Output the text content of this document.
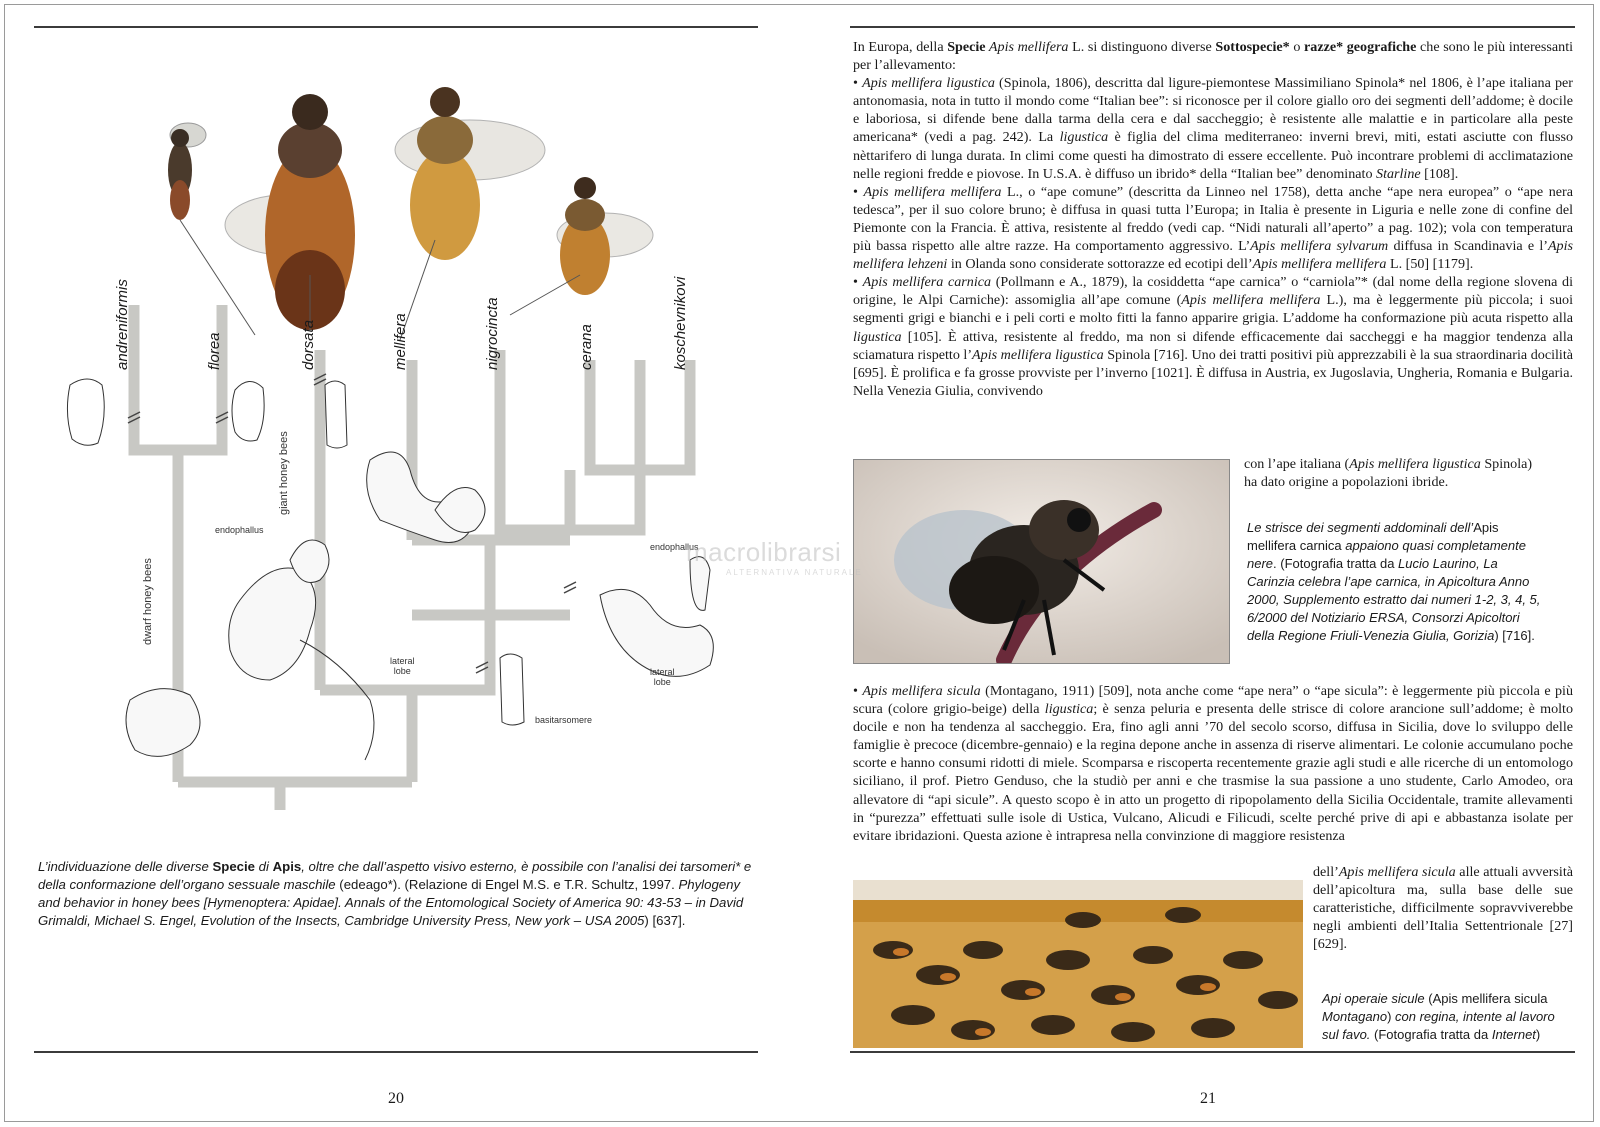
andreniformis	florea	dorsata	mellifera	nigrocincta	cerana	koschevnikovi
dwarf honey bees
giant honey bees
endophallus
endophallus
lateral
lobe	lateral
lobe
basitarsomere
L’individuazione delle diverse Specie di Apis, oltre che dall’aspetto visivo esterno, è possibile con l’analisi dei tarsomeri* e della conformazione dell’organo sessuale maschile (edeago*). (Relazione di Engel M.S. e T.R. Schultz, 1997. Phylogeny and behavior in honey bees [Hymenoptera: Apidae]. Annals of the Entomological Society of America 90: 43-53 – in David Grimaldi, Michael S. Engel, Evolution of the Insects, Cambridge University Press, New york – USA 2005) [637].
20
In Europa, della Specie Apis mellifera L. si distinguono diverse Sottospecie* o razze* geografiche che sono le più interessanti per l’allevamento:
• Apis mellifera ligustica (Spinola, 1806), descritta dal ligure-piemontese Massimiliano Spinola* nel 1806, è l’ape italiana per antonomasia, nota in tutto il mondo come “Italian bee”: si riconosce per il colore giallo oro dei segmenti dell’addome; è docile e laboriosa, si difende bene dalla tarma della cera e dal saccheggio; è resistente alle malattie e in particolare alla peste americana* (vedi a pag. 242). La ligustica è figlia del clima mediterraneo: inverni brevi, miti, estati asciutte con flusso nèttarifero di lunga durata. In climi come questi ha dimostrato di essere eccellente. Può incontrare problemi di acclimatazione nelle regioni fredde e piovose. In U.S.A. è diffuso un ibrido* della “Italian bee” denominato Starline [108].
• Apis mellifera mellifera L., o “ape comune” (descritta da Linneo nel 1758), detta anche “ape nera europea” o “ape nera tedesca”, per il suo colore bruno; è diffusa in quasi tutta l’Europa; in Italia è presente in Liguria e nelle zone di confine del Piemonte con la Francia. È attiva, resistente al freddo (vedi cap. “Nidi naturali all’aperto” a pag. 102); vola con temperatura più bassa rispetto alle altre razze. Ha comportamento aggressivo. L’Apis mellifera sylvarum diffusa in Scandinavia e l’Apis mellifera lehzeni in Olanda sono considerate sottorazze ed ecotipi dell’Apis mellifera mellifera L. [50] [1179].
• Apis mellifera carnica (Pollmann e A., 1879), la cosiddetta “ape carnica” o “carniola”* (dal nome della regione slovena di origine, le Alpi Carniche): assomiglia all’ape comune (Apis mellifera mellifera L.), ma è leggermente più piccola; i suoi segmenti grigi e bianchi e i peli corti e molto fitti la fanno apparire grigia. L’addome ha conformazione più acuta rispetto alla ligustica [105]. È attiva, resistente al freddo, ma non si difende efficacemente dai saccheggi e ha maggior tendenza alla sciamatura rispetto l’Apis mellifera ligustica Spinola [716]. Uno dei tratti positivi più apprezzabili è la sua straordinaria docilità [695]. È prolifica e fa grosse provviste per l’inverno [1021]. È diffusa in Austria, ex Jugoslavia, Ungheria, Romania e Bulgaria. Nella Venezia Giulia, convivendo
con l’ape italiana (Apis mellifera ligustica Spinola)
ha dato origine a popolazioni ibride.
Le strisce dei segmenti addominali dell’Apis mellifera carnica appaiono quasi completamente nere. (Fotografia tratta da Lucio Laurino, La Carinzia celebra l’ape carnica, in Apicoltura Anno 2000, Supplemento estratto dai numeri 1-2, 3, 4, 5, 6/2000 del Notiziario ERSA, Consorzi Apicoltori della Regione Friuli-Venezia Giulia, Gorizia) [716].
• Apis mellifera sicula (Montagano, 1911) [509], nota anche come “ape nera” o “ape sicula”: è leggermente più piccola e più scura (colore grigio-beige) della ligustica; è senza peluria e presenta delle strisce di colore arancione sull’addome; è molto docile e non ha tendenza al saccheggio. Era, fino agli anni ’70 del secolo scorso, diffusa in Sicilia, dove lo sviluppo delle famiglie è precoce (dicembre-gennaio) e la regina depone anche in assenza di riserve alimentari. Le colonie accumulano poche scorte e hanno consumi ridotti di miele. Scomparsa e riscoperta recentemente grazie agli studi e alle ricerche di un entomologo siciliano, il prof. Pietro Genduso, che la studiò per anni e che trasmise la sua passione a uno studente, Carlo Amodeo, ora allevatore di “api sicule”. A questo scopo è in atto un progetto di ripopolamento della Sicilia Occidentale, tramite allevamenti in “purezza” effettuati sulle isole di Ustica, Vulcano, Alicudi e Filicudi, scelte perché prive di api e abbastanza isolate per evitare ibridazioni. Questa azione è intrapresa nella convinzione di maggiore resistenza
dell’Apis mellifera sicula alle attuali avversità dell’apicoltura ma, sulla base delle sue caratteristiche, difficilmente sopravviverebbe negli ambienti dell’Italia Settentrionale [27] [629].
Api operaie sicule (Apis mellifera sicula Montagano) con regina, intente al lavoro sul favo. (Fotografia tratta da Internet)
21
macrolibrarsi
ALTERNATIVA NATURALE
